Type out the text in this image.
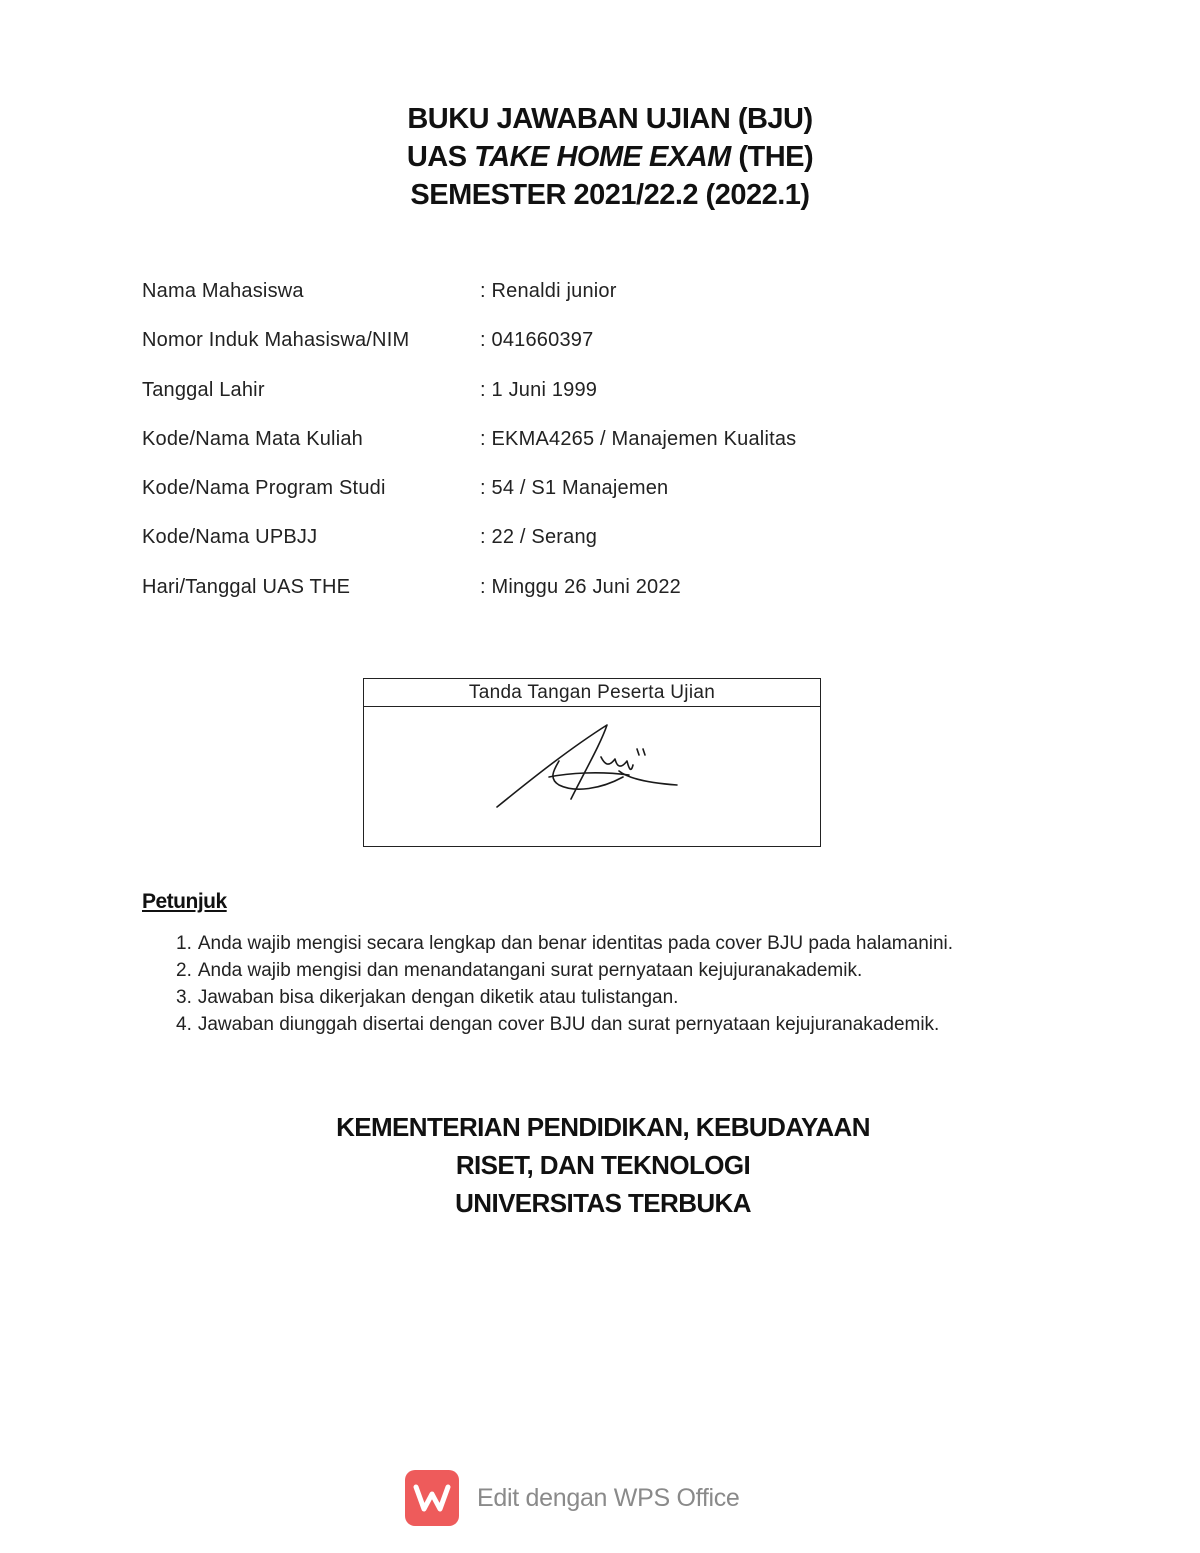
BUKU JAWABAN UJIAN (BJU)
UAS TAKE HOME EXAM (THE)
SEMESTER 2021/22.2 (2022.1)
Nama Mahasiswa	: Renaldi junior
Nomor Induk Mahasiswa/NIM	: 041660397
Tanggal Lahir	: 1 Juni 1999
Kode/Nama Mata Kuliah	: EKMA4265 / Manajemen Kualitas
Kode/Nama Program Studi	: 54 / S1 Manajemen
Kode/Nama UPBJJ	: 22 / Serang
Hari/Tanggal UAS THE	: Minggu 26 Juni 2022
Tanda Tangan Peserta Ujian
Petunjuk
1. Anda wajib mengisi secara lengkap dan benar identitas pada cover BJU pada halamanini.
2. Anda wajib mengisi dan menandatangani surat pernyataan kejujuranakademik.
3. Jawaban bisa dikerjakan dengan diketik atau tulistangan.
4. Jawaban diunggah disertai dengan cover BJU dan surat pernyataan kejujuranakademik.
KEMENTERIAN PENDIDIKAN, KEBUDAYAAN
RISET, DAN TEKNOLOGI
UNIVERSITAS TERBUKA
Edit dengan WPS Office
